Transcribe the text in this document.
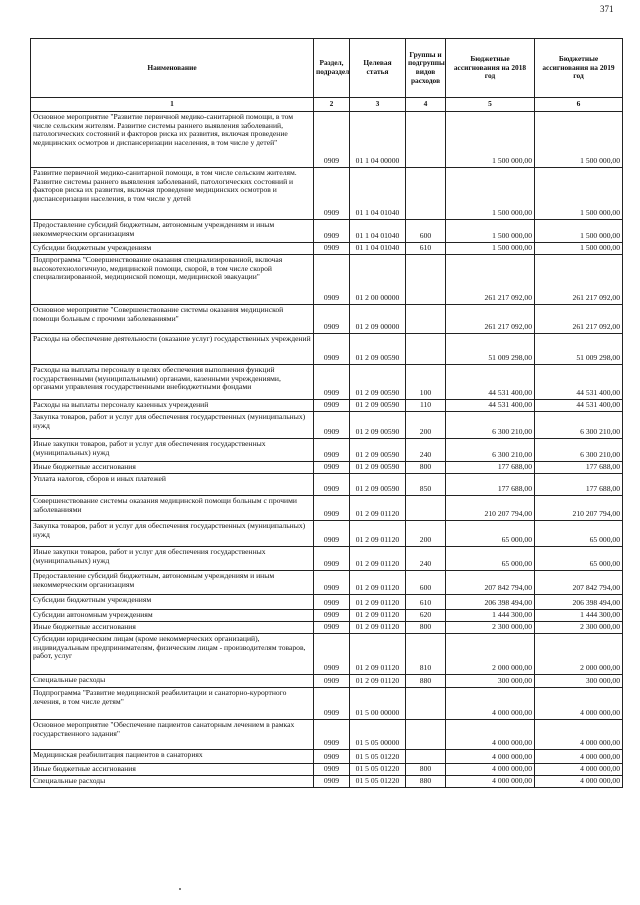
371
Наименование	Раздел, подраздел	Целевая статья	Группы и подгруппы видов расходов	Бюджетные ассигнования на 2018 год	Бюджетные ассигнования на 2019 год
1	2	3	4	5	6
Основное мероприятие "Развитие первичной медико-санитарной помощи, в том числе сельским жителям. Развитие системы раннего выявления заболеваний, патологических состояний и факторов риска их развития, включая проведение медицинских осмотров и диспансеризации населения, в том числе у детей"	0909	01 1 04 00000		1 500 000,00	1 500 000,00
Развитие первичной медико-санитарной помощи, в том числе сельским жителям. Развитие системы раннего выявления заболеваний, патологических состояний и факторов риска их развития, включая проведение медицинских осмотров и диспансеризации населения, в том числе у детей	0909	01 1 04 01040		1 500 000,00	1 500 000,00
Предоставление субсидий бюджетным, автономным учреждениям и иным некоммерческим организациям	0909	01 1 04 01040	600	1 500 000,00	1 500 000,00
Субсидии бюджетным учреждениям	0909	01 1 04 01040	610	1 500 000,00	1 500 000,00
Подпрограмма "Совершенствование оказания специализированной, включая высокотехнологичную, медицинской помощи, скорой, в том числе скорой специализированной, медицинской помощи, медицинской эвакуации"	0909	01 2 00 00000		261 217 092,00	261 217 092,00
Основное мероприятие "Совершенствование системы оказания медицинской помощи больным с прочими заболеваниями"	0909	01 2 09 00000		261 217 092,00	261 217 092,00
Расходы на обеспечение деятельности (оказание услуг) государственных учреждений	0909	01 2 09 00590		51 009 298,00	51 009 298,00
Расходы на выплаты персоналу в целях обеспечения выполнения функций государственными (муниципальными) органами, казенными учреждениями, органами управления государственными внебюджетными фондами	0909	01 2 09 00590	100	44 531 400,00	44 531 400,00
Расходы на выплаты персоналу казенных учреждений	0909	01 2 09 00590	110	44 531 400,00	44 531 400,00
Закупка товаров, работ и услуг для обеспечения государственных (муниципальных) нужд	0909	01 2 09 00590	200	6 300 210,00	6 300 210,00
Иные закупки товаров, работ и услуг для обеспечения государственных (муниципальных) нужд	0909	01 2 09 00590	240	6 300 210,00	6 300 210,00
Иные бюджетные ассигнования	0909	01 2 09 00590	800	177 688,00	177 688,00
Уплата налогов, сборов и иных платежей	0909	01 2 09 00590	850	177 688,00	177 688,00
Совершенствование системы оказания медицинской помощи больным с прочими заболеваниями	0909	01 2 09 01120		210 207 794,00	210 207 794,00
Закупка товаров, работ и услуг для обеспечения государственных (муниципальных) нужд	0909	01 2 09 01120	200	65 000,00	65 000,00
Иные закупки товаров, работ и услуг для обеспечения государственных (муниципальных) нужд	0909	01 2 09 01120	240	65 000,00	65 000,00
Предоставление субсидий бюджетным, автономным учреждениям и иным некоммерческим организациям	0909	01 2 09 01120	600	207 842 794,00	207 842 794,00
Субсидии бюджетным учреждениям	0909	01 2 09 01120	610	206 398 494,00	206 398 494,00
Субсидии автономным учреждениям	0909	01 2 09 01120	620	1 444 300,00	1 444 300,00
Иные бюджетные ассигнования	0909	01 2 09 01120	800	2 300 000,00	2 300 000,00
Субсидии юридическим лицам (кроме некоммерческих организаций), индивидуальным предпринимателям, физическим лицам - производителям товаров, работ, услуг	0909	01 2 09 01120	810	2 000 000,00	2 000 000,00
Специальные расходы	0909	01 2 09 01120	880	300 000,00	300 000,00
Подпрограмма "Развитие медицинской реабилитации и санаторно-курортного лечения, в том числе детям"	0909	01 5 00 00000		4 000 000,00	4 000 000,00
Основное мероприятие "Обеспечение пациентов санаторным лечением в рамках государственного задания"	0909	01 5 05 00000		4 000 000,00	4 000 000,00
Медицинская реабилитация пациентов в санаториях	0909	01 5 05 01220		4 000 000,00	4 000 000,00
Иные бюджетные ассигнования	0909	01 5 05 01220	800	4 000 000,00	4 000 000,00
Специальные расходы	0909	01 5 05 01220	880	4 000 000,00	4 000 000,00
